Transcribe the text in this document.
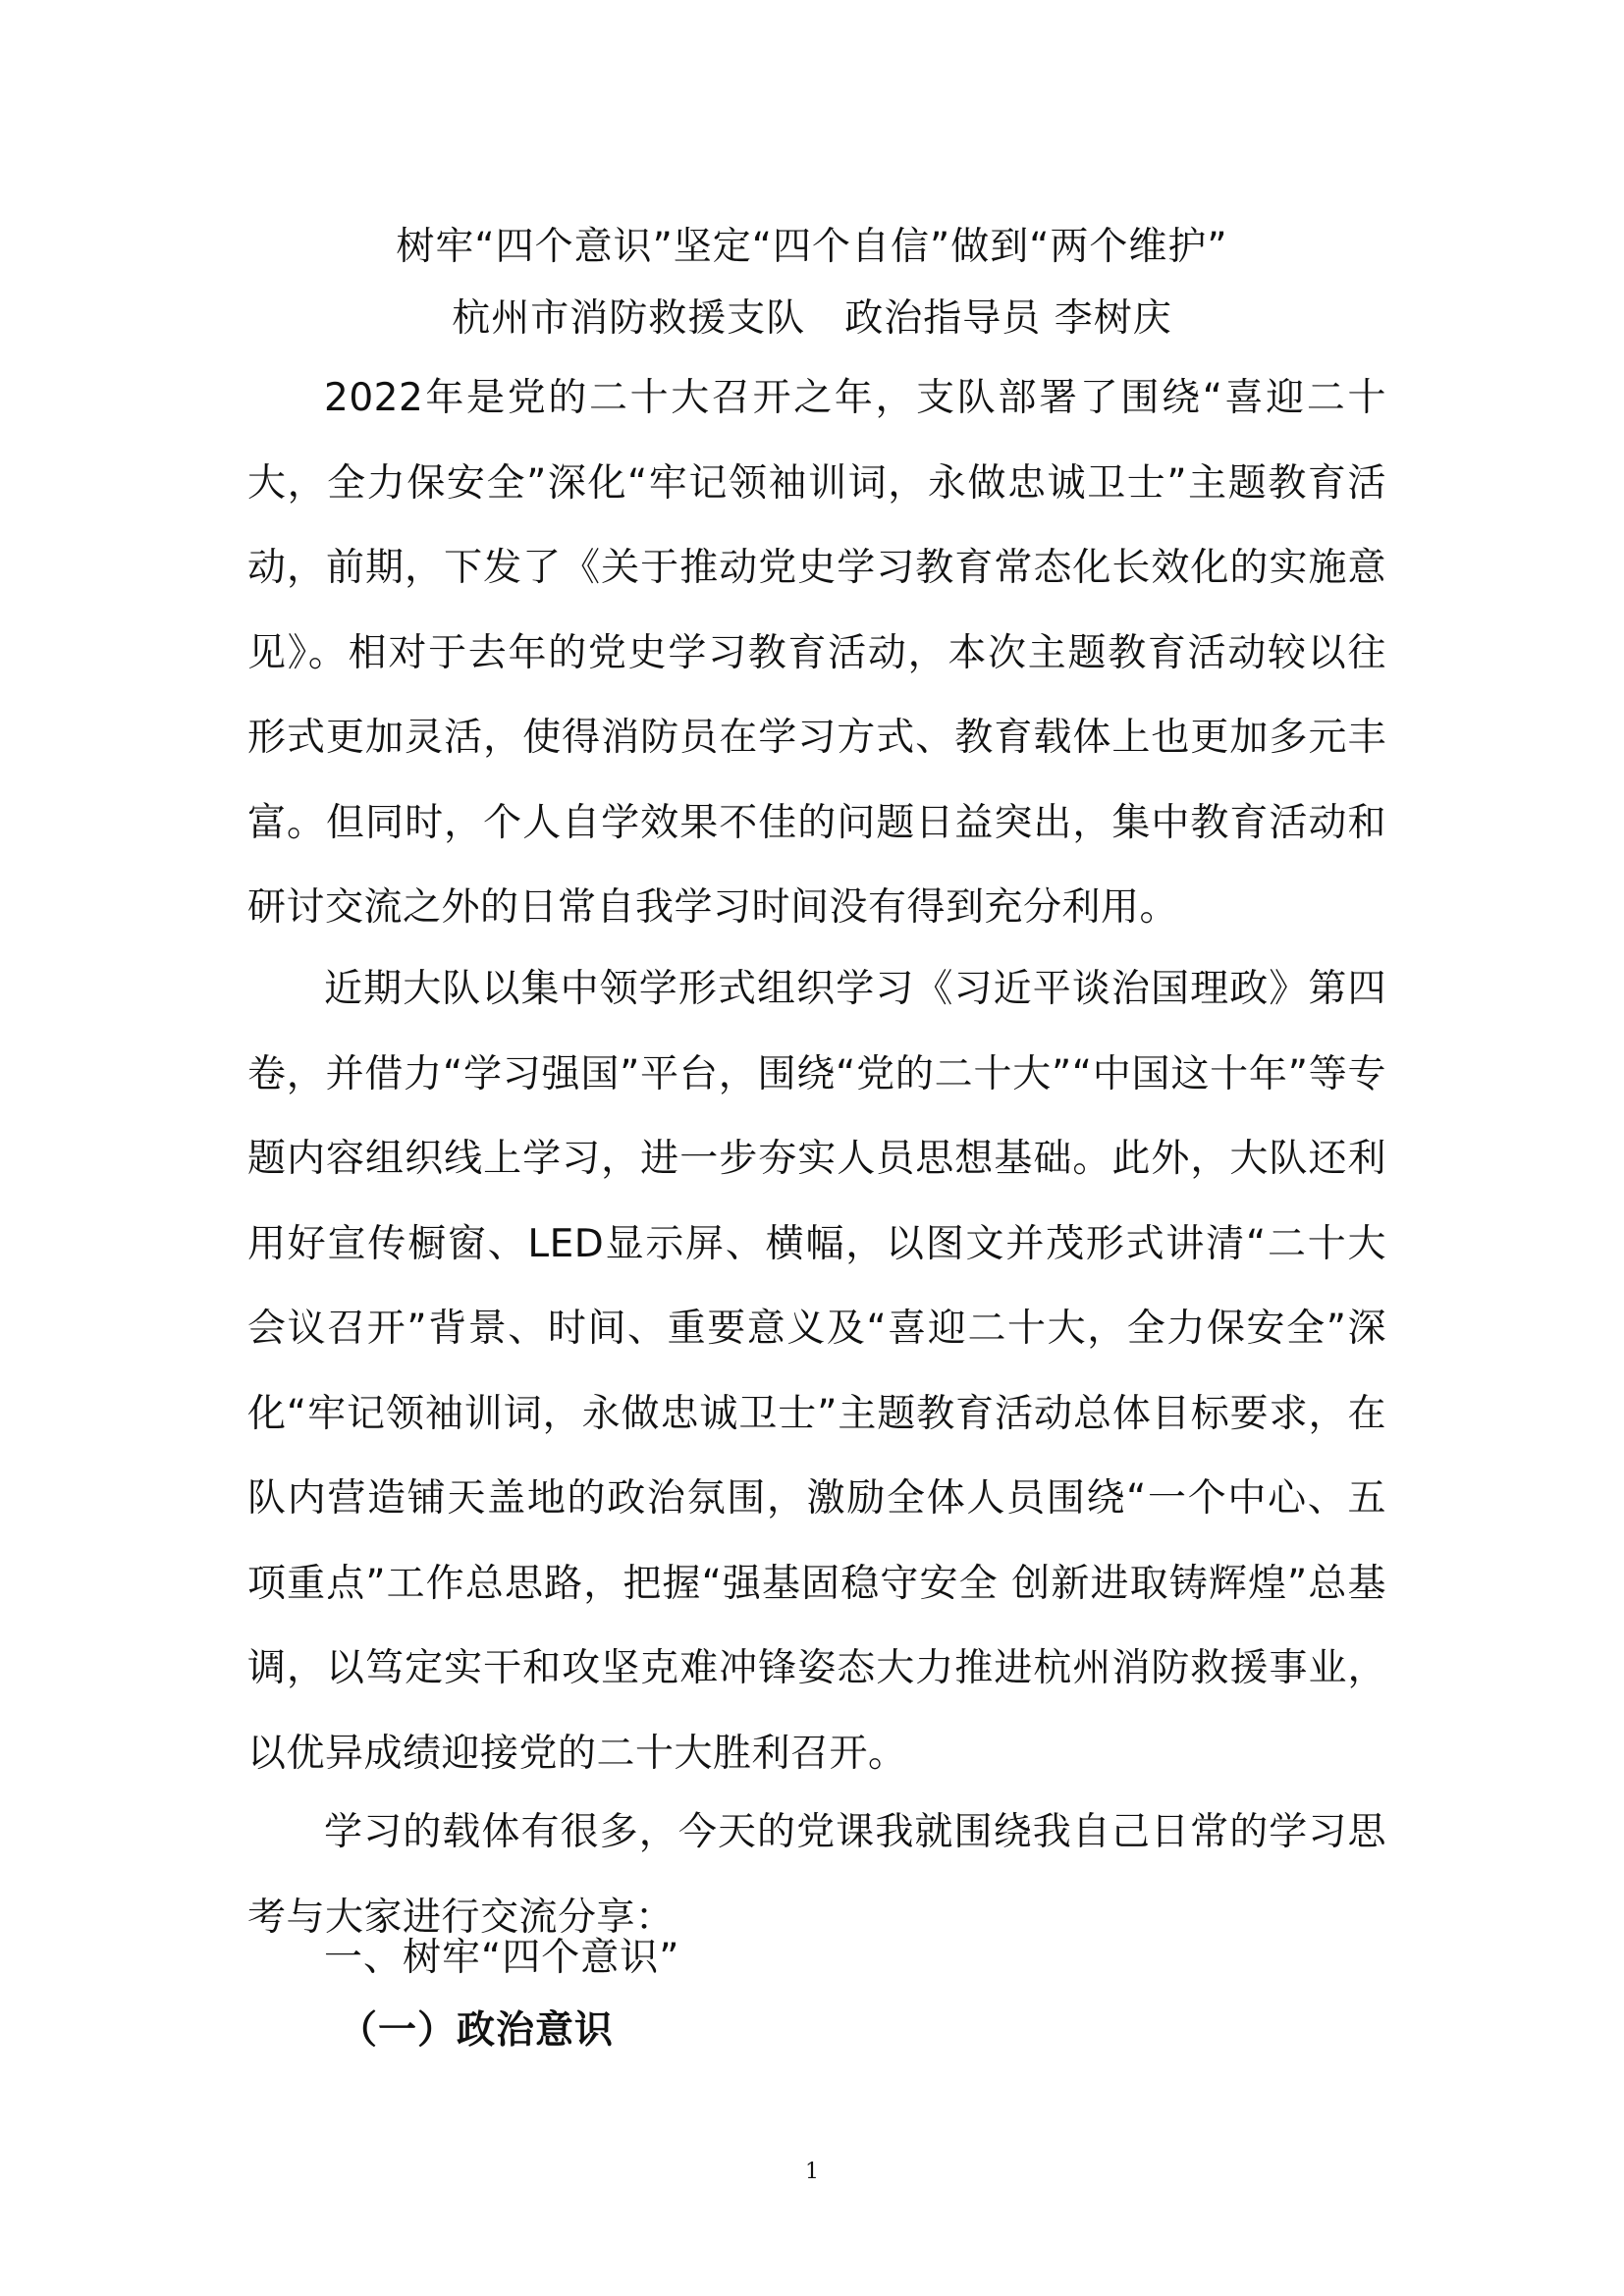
树牢“四个意识”坚定“四个自信”做到“两个维护”
杭州市消防救援支队 政治指导员 李树庆

2022年是党的二十大召开之年，支队部署了围绕“喜迎二十大，全力保安全”深化“牢记领袖训词，永做忠诚卫士”主题教育活动，前期，下发了《关于推动党史学习教育常态化长效化的实施意见》。相对于去年的党史学习教育活动，本次主题教育活动较以往形式更加灵活，使得消防员在学习方式、教育载体上也更加多元丰富。但同时，个人自学效果不佳的问题日益突出，集中教育活动和研讨交流之外的日常自我学习时间没有得到充分利用。

近期大队以集中领学形式组织学习《习近平谈治国理政》第四卷，并借力“学习强国”平台，围绕“党的二十大”“中国这十年”等专题内容组织线上学习，进一步夯实人员思想基础。此外，大队还利用好宣传橱窗、LED显示屏、横幅，以图文并茂形式讲清“二十大会议召开”背景、时间、重要意义及“喜迎二十大，全力保安全”深化“牢记领袖训词，永做忠诚卫士”主题教育活动总体目标要求，在队内营造铺天盖地的政治氛围，激励全体人员围绕“一个中心、五项重点”工作总思路，把握“强基固稳守安全 创新进取铸辉煌”总基调，以笃定实干和攻坚克难冲锋姿态大力推进杭州消防救援事业，以优异成绩迎接党的二十大胜利召开。

学习的载体有很多，今天的党课我就围绕我自己日常的学习思考与大家进行交流分享：

一、树牢“四个意识”
（一）政治意识
1
